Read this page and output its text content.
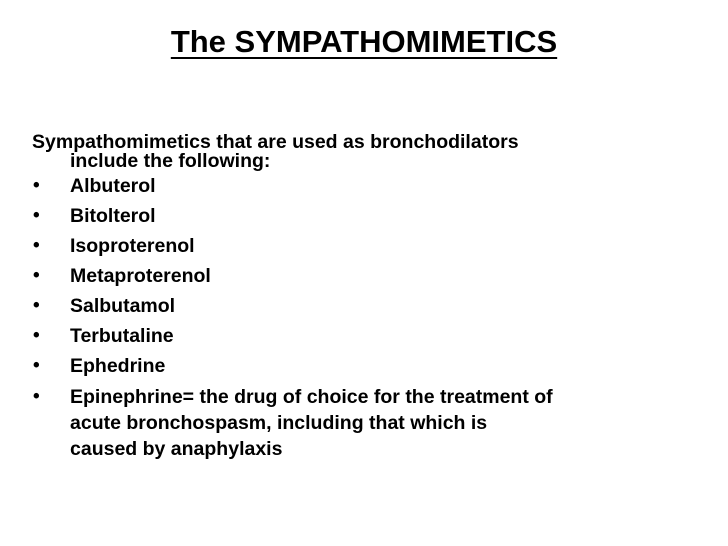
The SYMPATHOMIMETICS

Sympathomimetics that are used as bronchodilators
include the following:

• Albuterol
• Bitolterol
• Isoproterenol
• Metaproterenol
• Salbutamol
• Terbutaline
• Ephedrine
• Epinephrine= the drug of choice for the treatment of
acute bronchospasm, including that which is
caused by anaphylaxis
